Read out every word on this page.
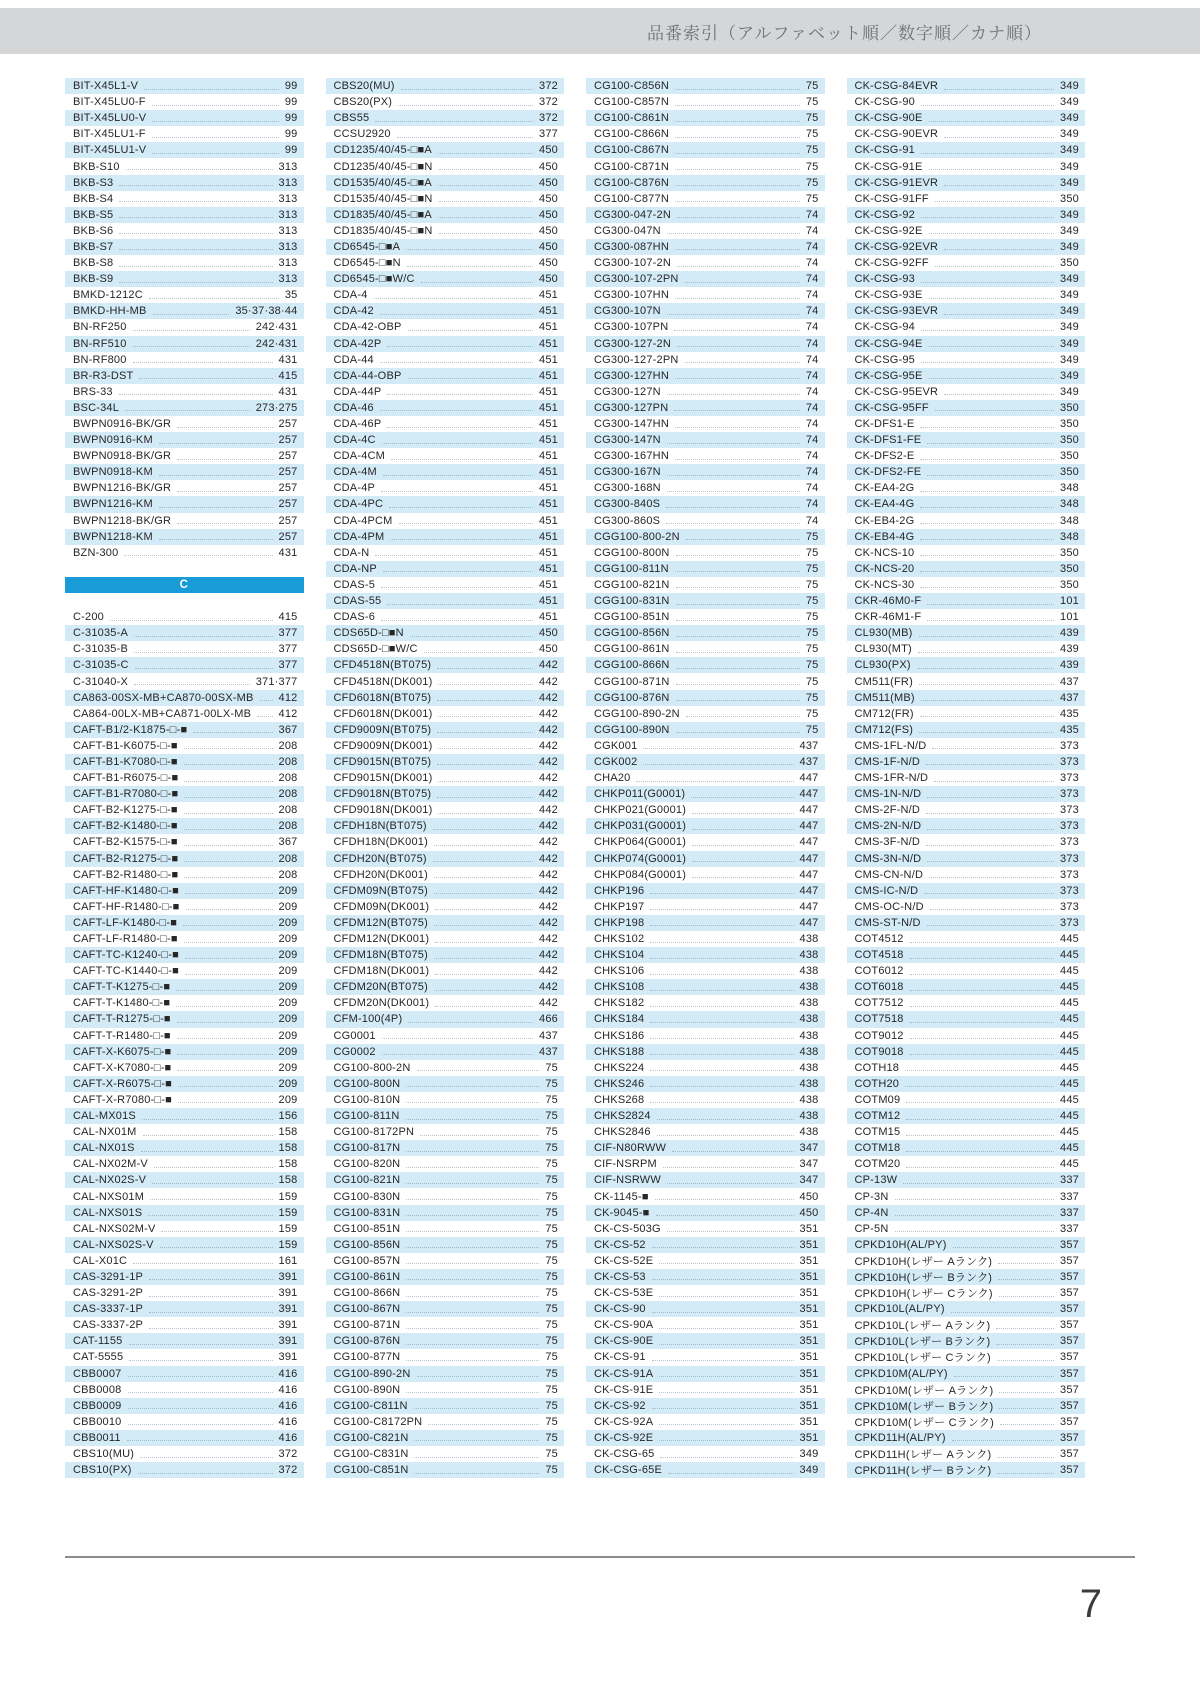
品番索引（アルファベット順／数字順／カナ順）
BIT-X45L1-V	99
BIT-X45LU0-F	99
BIT-X45LU0-V	99
BIT-X45LU1-F	99
BIT-X45LU1-V	99
BKB-S10	313
BKB-S3	313
BKB-S4	313
BKB-S5	313
BKB-S6	313
BKB-S7	313
BKB-S8	313
BKB-S9	313
BMKD-1212C	35
BMKD-HH-MB	35·37·38·44
BN-RF250	242·431
BN-RF510	242·431
BN-RF800	431
BR-R3-DST	415
BRS-33	431
BSC-34L	273·275
BWPN0916-BK/GR	257
BWPN0916-KM	257
BWPN0918-BK/GR	257
BWPN0918-KM	257
BWPN1216-BK/GR	257
BWPN1216-KM	257
BWPN1218-BK/GR	257
BWPN1218-KM	257
BZN-300	431
C
C-200	415
C-31035-A	377
C-31035-B	377
C-31035-C	377
C-31040-X	371·377
CA863-00SX-MB+CA870-00SX-MB 412
CA864-00LX-MB+CA871-00LX-MB 412
CAFT-B1/2-K1875-□-■	367
CAFT-B1-K6075-□-■	208
CAFT-B1-K7080-□-■	208
CAFT-B1-R6075-□-■	208
CAFT-B1-R7080-□-■	208
CAFT-B2-K1275-□-■	208
CAFT-B2-K1480-□-■	208
CAFT-B2-K1575-□-■	367
CAFT-B2-R1275-□-■	208
CAFT-B2-R1480-□-■	208
CAFT-HF-K1480-□-■	209
CAFT-HF-R1480-□-■	209
CAFT-LF-K1480-□-■	209
CAFT-LF-R1480-□-■	209
CAFT-TC-K1240-□-■	209
CAFT-TC-K1440-□-■	209
CAFT-T-K1275-□-■	209
CAFT-T-K1480-□-■	209
CAFT-T-R1275-□-■	209
CAFT-T-R1480-□-■	209
CAFT-X-K6075-□-■	209
CAFT-X-K7080-□-■	209
CAFT-X-R6075-□-■	209
CAFT-X-R7080-□-■	209
CAL-MX01S	156
CAL-NX01M	158
CAL-NX01S	158
CAL-NX02M-V	158
CAL-NX02S-V	158
CAL-NXS01M	159
CAL-NXS01S	159
CAL-NXS02M-V	159
CAL-NXS02S-V	159
CAL-X01C	161
CAS-3291-1P	391
CAS-3291-2P	391
CAS-3337-1P	391
CAS-3337-2P	391
CAT-1155	391
CAT-5555	391
CBB0007	416
CBB0008	416
CBB0009	416
CBB0010	416
CBB0011	416
CBS10(MU)	372
CBS10(PX)	372
CBS20(MU)	372
CBS20(PX)	372
CBS55	372
CCSU2920	377
CD1235/40/45-□■A	450
CD1235/40/45-□■N	450
CD1535/40/45-□■A	450
CD1535/40/45-□■N	450
CD1835/40/45-□■A	450
CD1835/40/45-□■N	450
CD6545-□■A	450
CD6545-□■N	450
CD6545-□■W/C	450
CDA-4	451
CDA-42	451
CDA-42-OBP	451
CDA-42P	451
CDA-44	451
CDA-44-OBP	451
CDA-44P	451
CDA-46	451
CDA-46P	451
CDA-4C	451
CDA-4CM	451
CDA-4M	451
CDA-4P	451
CDA-4PC	451
CDA-4PCM	451
CDA-4PM	451
CDA-N	451
CDA-NP	451
CDAS-5	451
CDAS-55	451
CDAS-6	451
CDS65D-□■N	450
CDS65D-□■W/C	450
CFD4518N(BT075)	442
CFD4518N(DK001)	442
CFD6018N(BT075)	442
CFD6018N(DK001)	442
CFD9009N(BT075)	442
CFD9009N(DK001)	442
CFD9015N(BT075)	442
CFD9015N(DK001)	442
CFD9018N(BT075)	442
CFD9018N(DK001)	442
CFDH18N(BT075)	442
CFDH18N(DK001)	442
CFDH20N(BT075)	442
CFDH20N(DK001)	442
CFDM09N(BT075)	442
CFDM09N(DK001)	442
CFDM12N(BT075)	442
CFDM12N(DK001)	442
CFDM18N(BT075)	442
CFDM18N(DK001)	442
CFDM20N(BT075)	442
CFDM20N(DK001)	442
CFM-100(4P)	466
CG0001	437
CG0002	437
CG100-800-2N	75
CG100-800N	75
CG100-810N	75
CG100-811N	75
CG100-8172PN	75
CG100-817N	75
CG100-820N	75
CG100-821N	75
CG100-830N	75
CG100-831N	75
CG100-851N	75
CG100-856N	75
CG100-857N	75
CG100-861N	75
CG100-866N	75
CG100-867N	75
CG100-871N	75
CG100-876N	75
CG100-877N	75
CG100-890-2N	75
CG100-890N	75
CG100-C811N	75
CG100-C8172PN	75
CG100-C821N	75
CG100-C831N	75
CG100-C851N	75
CG100-C856N	75
CG100-C857N	75
CG100-C861N	75
CG100-C866N	75
CG100-C867N	75
CG100-C871N	75
CG100-C876N	75
CG100-C877N	75
CG300-047-2N	74
CG300-047N	74
CG300-087HN	74
CG300-107-2N	74
CG300-107-2PN	74
CG300-107HN	74
CG300-107N	74
CG300-107PN	74
CG300-127-2N	74
CG300-127-2PN	74
CG300-127HN	74
CG300-127N	74
CG300-127PN	74
CG300-147HN	74
CG300-147N	74
CG300-167HN	74
CG300-167N	74
CG300-168N	74
CG300-840S	74
CG300-860S	74
CGG100-800-2N	75
CGG100-800N	75
CGG100-811N	75
CGG100-821N	75
CGG100-831N	75
CGG100-851N	75
CGG100-856N	75
CGG100-861N	75
CGG100-866N	75
CGG100-871N	75
CGG100-876N	75
CGG100-890-2N	75
CGG100-890N	75
CGK001	437
CGK002	437
CHA20	447
CHKP011(G0001)	447
CHKP021(G0001)	447
CHKP031(G0001)	447
CHKP064(G0001)	447
CHKP074(G0001)	447
CHKP084(G0001)	447
CHKP196	447
CHKP197	447
CHKP198	447
CHKS102	438
CHKS104	438
CHKS106	438
CHKS108	438
CHKS182	438
CHKS184	438
CHKS186	438
CHKS188	438
CHKS224	438
CHKS246	438
CHKS268	438
CHKS2824	438
CHKS2846	438
CIF-N80RWW	347
CIF-NSRPM	347
CIF-NSRWW	347
CK-1145-■	450
CK-9045-■	450
CK-CS-503G	351
CK-CS-52	351
CK-CS-52E	351
CK-CS-53	351
CK-CS-53E	351
CK-CS-90	351
CK-CS-90A	351
CK-CS-90E	351
CK-CS-91	351
CK-CS-91A	351
CK-CS-91E	351
CK-CS-92	351
CK-CS-92A	351
CK-CS-92E	351
CK-CSG-65	349
CK-CSG-65E	349
CK-CSG-84EVR	349
CK-CSG-90	349
CK-CSG-90E	349
CK-CSG-90EVR	349
CK-CSG-91	349
CK-CSG-91E	349
CK-CSG-91EVR	349
CK-CSG-91FF	350
CK-CSG-92	349
CK-CSG-92E	349
CK-CSG-92EVR	349
CK-CSG-92FF	350
CK-CSG-93	349
CK-CSG-93E	349
CK-CSG-93EVR	349
CK-CSG-94	349
CK-CSG-94E	349
CK-CSG-95	349
CK-CSG-95E	349
CK-CSG-95EVR	349
CK-CSG-95FF	350
CK-DFS1-E	350
CK-DFS1-FE	350
CK-DFS2-E	350
CK-DFS2-FE	350
CK-EA4-2G	348
CK-EA4-4G	348
CK-EB4-2G	348
CK-EB4-4G	348
CK-NCS-10	350
CK-NCS-20	350
CK-NCS-30	350
CKR-46M0-F	101
CKR-46M1-F	101
CL930(MB)	439
CL930(MT)	439
CL930(PX)	439
CM511(FR)	437
CM511(MB)	437
CM712(FR)	435
CM712(FS)	435
CMS-1FL-N/D	373
CMS-1F-N/D	373
CMS-1FR-N/D	373
CMS-1N-N/D	373
CMS-2F-N/D	373
CMS-2N-N/D	373
CMS-3F-N/D	373
CMS-3N-N/D	373
CMS-CN-N/D	373
CMS-IC-N/D	373
CMS-OC-N/D	373
CMS-ST-N/D	373
COT4512	445
COT4518	445
COT6012	445
COT6018	445
COT7512	445
COT7518	445
COT9012	445
COT9018	445
COTH18	445
COTH20	445
COTM09	445
COTM12	445
COTM15	445
COTM18	445
COTM20	445
CP-13W	337
CP-3N	337
CP-4N	337
CP-5N	337
CPKD10H(AL/PY)	357
CPKD10H(レザー Aランク)	357
CPKD10H(レザー Bランク)	357
CPKD10H(レザー Cランク)	357
CPKD10L(AL/PY)	357
CPKD10L(レザー Aランク)	357
CPKD10L(レザー Bランク)	357
CPKD10L(レザー Cランク)	357
CPKD10M(AL/PY)	357
CPKD10M(レザー Aランク)	357
CPKD10M(レザー Bランク)	357
CPKD10M(レザー Cランク)	357
CPKD11H(AL/PY)	357
CPKD11H(レザー Aランク)	357
CPKD11H(レザー Bランク)	357
7
